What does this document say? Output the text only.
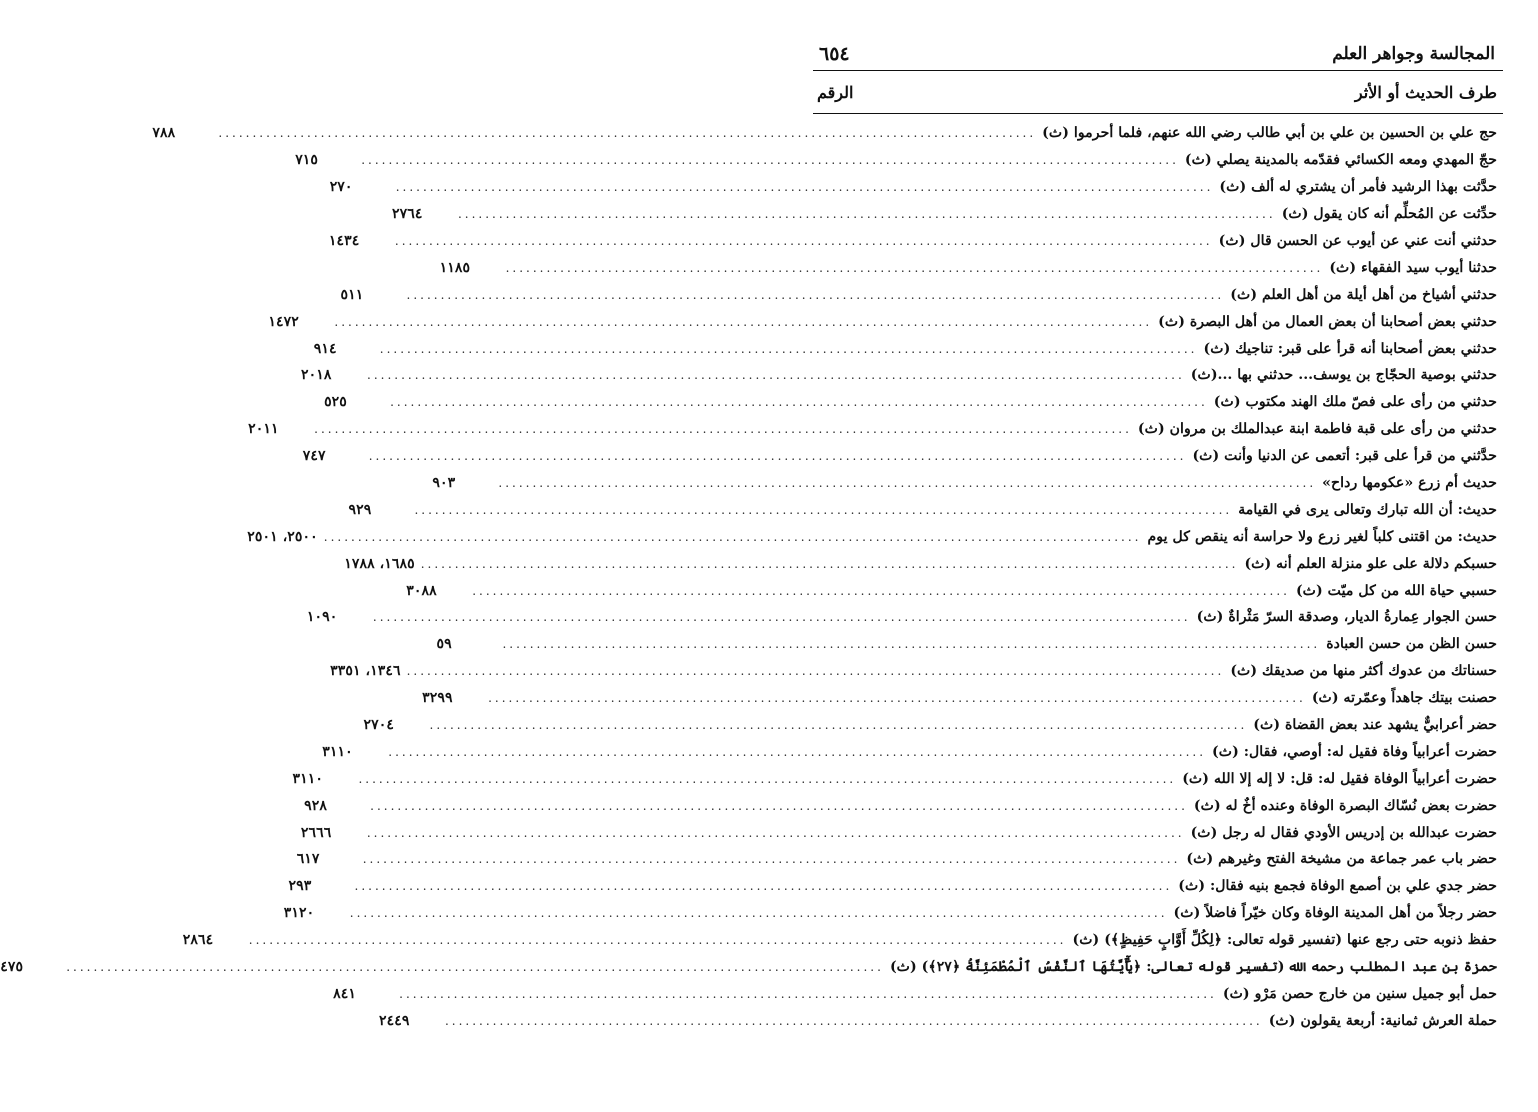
المجالسة وجواهر العلم
٦٥٤
طرف الحديث أو الأثر
الرقم
حج علي بن الحسين بن علي بن أبي طالب رضي الله عنهم، فلما أحرموا (ث)
........................................................................................................................
٧٨٨
حجّ المهدي ومعه الكسائي فقدّمه بالمدينة يصلي (ث)
........................................................................................................................
٧١٥
حدَّثت بهذا الرشيد فأمر أن يشتري له ألف (ث)
........................................................................................................................
٢٧٠
حدِّثت عن المُحلِّم أنه كان يقول (ث)
........................................................................................................................
٢٧٦٤
حدثني أنت عني عن أيوب عن الحسن قال (ث)
........................................................................................................................
١٤٣٤
حدثنا أيوب سيد الفقهاء (ث)
........................................................................................................................
١١٨٥
حدثني أشياخ من أهل أيلة من أهل العلم (ث)
........................................................................................................................
٥١١
حدثني بعض أصحابنا أن بعض العمال من أهل البصرة (ث)
........................................................................................................................
١٤٧٢
حدثني بعض أصحابنا أنه قرأ على قبر: تناجيك (ث)
........................................................................................................................
٩١٤
حدثني بوصية الحجّاج بن يوسف... حدثني بها ...(ث)
........................................................................................................................
٢٠١٨
حدثني من رأى على فصّ ملك الهند مكتوب (ث)
........................................................................................................................
٥٢٥
حدثني من رأى على قبة فاطمة ابنة عبدالملك بن مروان (ث)
........................................................................................................................
٢٠١١
حدَّثني من قرأ على قبر: أتعمى عن الدنيا وأنت (ث)
........................................................................................................................
٧٤٧
حديث أم زرع «عكومها رداح»
........................................................................................................................
٩٠٣
حديث: أن الله تبارك وتعالى يرى في القيامة
........................................................................................................................
٩٢٩
حديث: من اقتنى كلباً لغير زرع ولا حراسة أنه ينقص كل يوم
........................................................................................................................
٢٥٠٠، ٢٥٠١
حسبكم دلالة على علو منزلة العلم أنه (ث)
........................................................................................................................
١٦٨٥، ١٧٨٨
حسبي حياة الله من كل ميّت (ث)
........................................................................................................................
٣٠٨٨
حسن الجوار عِمارةُ الديار، وصدقة السرّ مَثْراةٌ (ث)
........................................................................................................................
١٠٩٠
حسن الظن من حسن العبادة
........................................................................................................................
٥٩
حسناتك من عدوك أكثر منها من صديقك (ث)
........................................................................................................................
١٣٤٦، ٣٣٥١
حصنت بيتك جاهداً وعمّرته (ث)
........................................................................................................................
٣٢٩٩
حضر أعرابيٌّ يشهد عند بعض القضاة (ث)
........................................................................................................................
٢٧٠٤
حضرت أعرابياً وفاة فقيل له: أوصي، فقال: (ث)
........................................................................................................................
٣١١٠
حضرت أعرابياً الوفاة فقيل له: قل: لا إله إلا الله (ث)
........................................................................................................................
٣١١٠
حضرت بعض نُسّاك البصرة الوفاة وعنده أخٌ له (ث)
........................................................................................................................
٩٢٨
حضرت عبدالله بن إدريس الأودي فقال له رجل (ث)
........................................................................................................................
٢٦٦٦
حضر باب عمر جماعة من مشيخة الفتح وغيرهم (ث)
........................................................................................................................
٦١٧
حضر جدي علي بن أصمع الوفاة فجمع بنيه فقال: (ث)
........................................................................................................................
٢٩٣
حضر رجلاً من أهل المدينة الوفاة وكان خيّراً فاضلاً (ث)
........................................................................................................................
٣١٢٠
حفظ ذنوبه حتى رجع عنها (تفسير قوله تعالى: ﴿لِكُلِّ أَوَّابٍ حَفِيظٍ﴾) (ث)
........................................................................................................................
٢٨٦٤
حمزة بن عبد المطلب رحمه الله (تفسير قوله تعالى: ﴿يَٰٓأَيَّتُهَا ٱلنَّفْسُ ٱلْمُطْمَئِنَّةُ ﴿٢٧﴾) (ث)
........................................................................................................................
٤٧٥
حمل أبو جميل سنين من خارج حصن مَرْو (ث)
........................................................................................................................
٨٤١
حملة العرش ثمانية: أربعة يقولون (ث)
........................................................................................................................
٢٤٤٩
